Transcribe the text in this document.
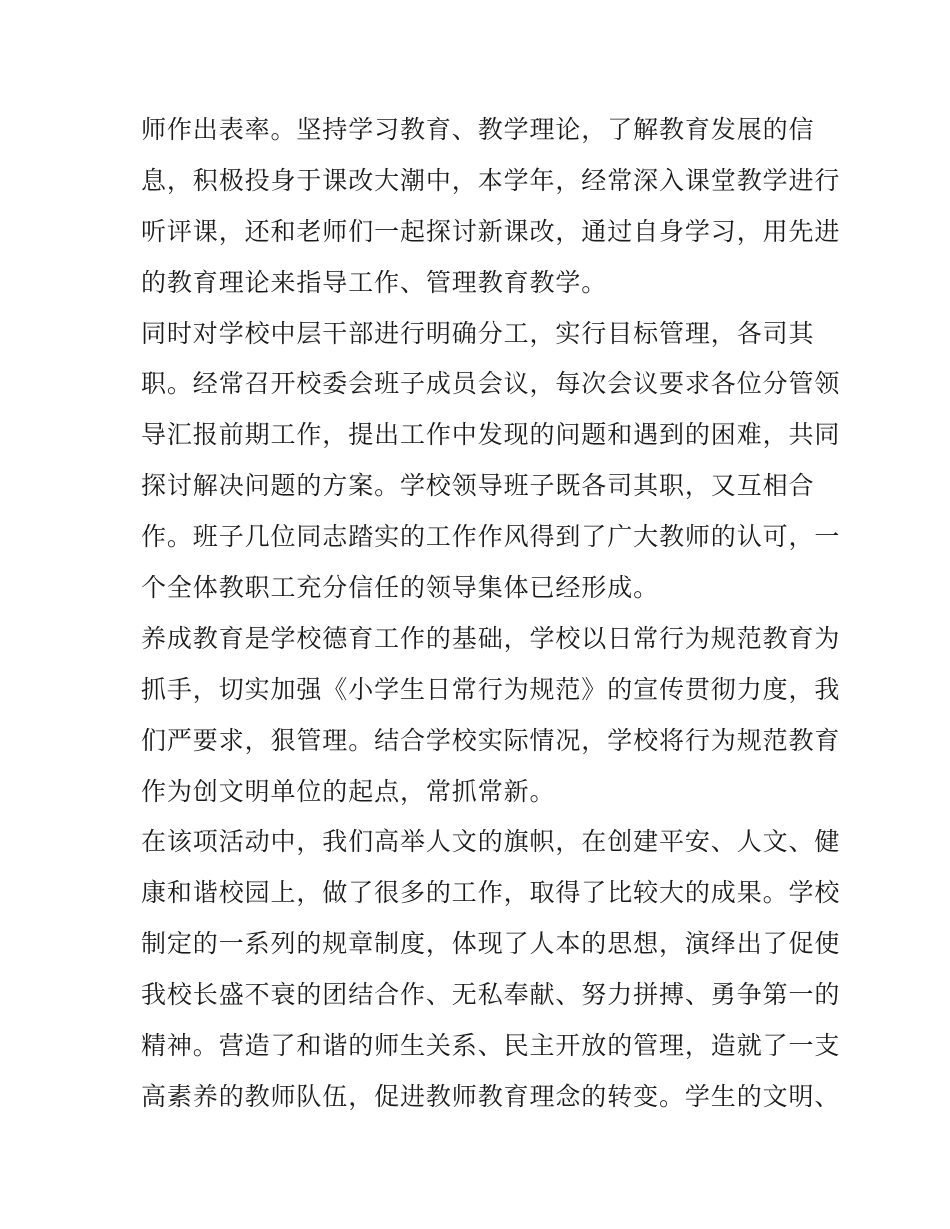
师作出表率。坚持学习教育、教学理论，了解教育发展的信
息，积极投身于课改大潮中，本学年，经常深入课堂教学进行
听评课，还和老师们一起探讨新课改，通过自身学习，用先进
的教育理论来指导工作、管理教育教学。
同时对学校中层干部进行明确分工，实行目标管理，各司其
职。经常召开校委会班子成员会议，每次会议要求各位分管领
导汇报前期工作，提出工作中发现的问题和遇到的困难，共同
探讨解决问题的方案。学校领导班子既各司其职，又互相合
作。班子几位同志踏实的工作作风得到了广大教师的认可，一
个全体教职工充分信任的领导集体已经形成。
养成教育是学校德育工作的基础，学校以日常行为规范教育为
抓手，切实加强《小学生日常行为规范》的宣传贯彻力度，我
们严要求，狠管理。结合学校实际情况，学校将行为规范教育
作为创文明单位的起点，常抓常新。
在该项活动中，我们高举人文的旗帜，在创建平安、人文、健
康和谐校园上，做了很多的工作，取得了比较大的成果。学校
制定的一系列的规章制度，体现了人本的思想，演绎出了促使
我校长盛不衰的团结合作、无私奉献、努力拼搏、勇争第一的
精神。营造了和谐的师生关系、民主开放的管理，造就了一支
高素养的教师队伍，促进教师教育理念的转变。学生的文明、
